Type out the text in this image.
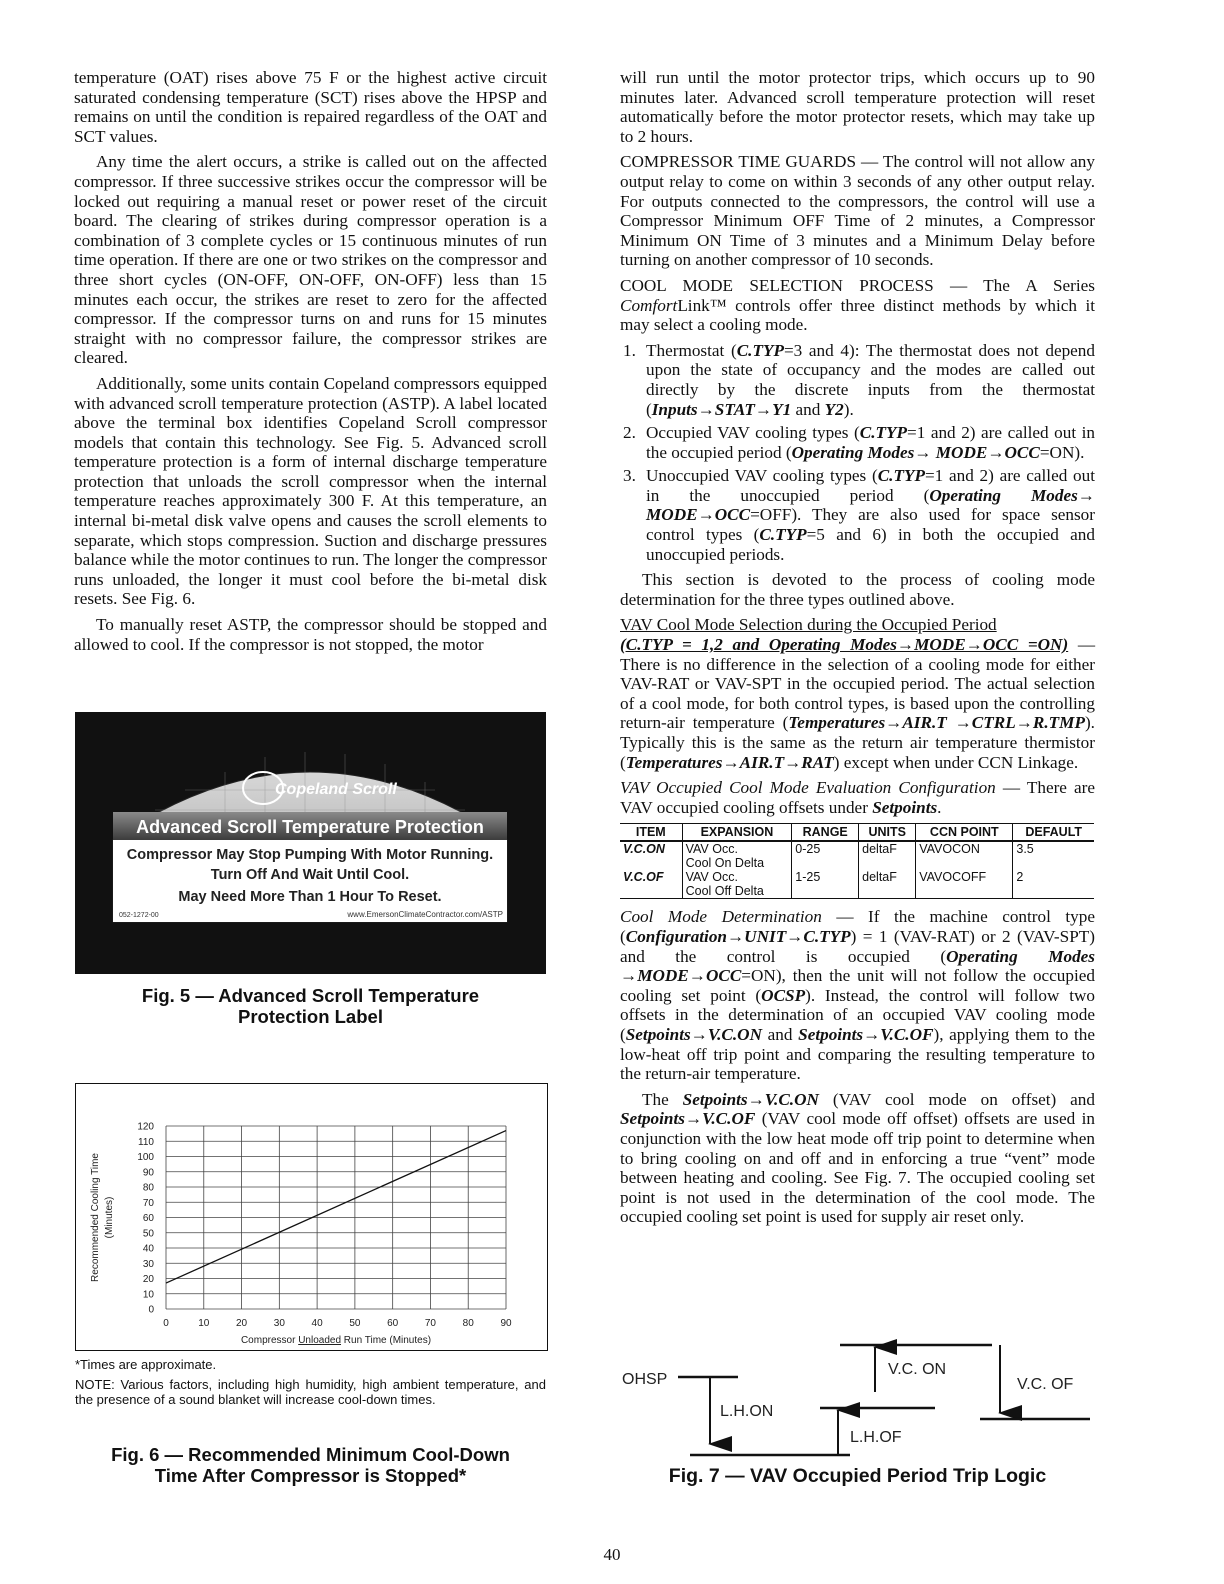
temperature (OAT) rises above 75 F or the highest active circuit saturated condensing temperature (SCT) rises above the HPSP and remains on until the condition is repaired regardless of the OAT and SCT values.

Any time the alert occurs, a strike is called out on the affected compressor. If three successive strikes occur the compressor will be locked out requiring a manual reset or power reset of the circuit board. The clearing of strikes during compressor operation is a combination of 3 complete cycles or 15 continuous minutes of run time operation. If there are one or two strikes on the compressor and three short cycles (ON-OFF, ON-OFF, ON-OFF) less than 15 minutes each occur, the strikes are reset to zero for the affected compressor. If the compressor turns on and runs for 15 minutes straight with no compressor failure, the compressor strikes are cleared.

Additionally, some units contain Copeland compressors equipped with advanced scroll temperature protection (ASTP). A label located above the terminal box identifies Copeland Scroll compressor models that contain this technology. See Fig. 5. Advanced scroll temperature protection is a form of internal discharge temperature protection that unloads the scroll compressor when the internal temperature reaches approximately 300 F. At this temperature, an internal bi-metal disk valve opens and causes the scroll elements to separate, which stops compression. Suction and discharge pressures balance while the motor continues to run. The longer the compressor runs unloaded, the longer it must cool before the bi-metal disk resets. See Fig. 6.

To manually reset ASTP, the compressor should be stopped and allowed to cool. If the compressor is not stopped, the motor

Copeland Scroll
Advanced Scroll Temperature Protection
Compressor May Stop Pumping With Motor Running.
Turn Off And Wait Until Cool.
May Need More Than 1 Hour To Reset.
052-1272-00	www.EmersonClimateContractor.com/ASTP
Fig. 5 — Advanced Scroll Temperature
Protection Label
0
10
20
30
40
50
60
70
80
90
100
110
120
0	10	20	30	40	50	60	70	80	90
Recommended Cooling Time (Minutes)
Compressor Unloaded Run Time (Minutes)
*Times are approximate.
NOTE: Various factors, including high humidity, high ambient temperature, and the presence of a sound blanket will increase cool-down times.
Fig. 6 — Recommended Minimum Cool-Down
Time After Compressor is Stopped*

will run until the motor protector trips, which occurs up to 90 minutes later. Advanced scroll temperature protection will reset automatically before the motor protector resets, which may take up to 2 hours.

COMPRESSOR TIME GUARDS — The control will not allow any output relay to come on within 3 seconds of any other output relay. For outputs connected to the compressors, the control will use a Compressor Minimum OFF Time of 2 minutes, a Compressor Minimum ON Time of 3 minutes and a Minimum Delay before turning on another compressor of 10 seconds.

COOL MODE SELECTION PROCESS — The A Series ComfortLink™ controls offer three distinct methods by which it may select a cooling mode.

1. Thermostat (C.TYP=3 and 4): The thermostat does not depend upon the state of occupancy and the modes are called out directly by the discrete inputs from the thermostat (Inputs→STAT→Y1 and Y2).
2. Occupied VAV cooling types (C.TYP=1 and 2) are called out in the occupied period (Operating Modes→ MODE→OCC=ON).
3. Unoccupied VAV cooling types (C.TYP=1 and 2) are called out in the unoccupied period (Operating Modes→ MODE→OCC=OFF). They are also used for space sensor control types (C.TYP=5 and 6) in both the occupied and unoccupied periods.

This section is devoted to the process of cooling mode determination for the three types outlined above.

VAV Cool Mode Selection during the Occupied Period
(C.TYP = 1,2 and Operating Modes→MODE→OCC =ON) — There is no difference in the selection of a cooling mode for either VAV-RAT or VAV-SPT in the occupied period. The actual selection of a cool mode, for both control types, is based upon the controlling return-air temperature (Temperatures→AIR.T →CTRL→R.TMP). Typically this is the same as the return air temperature thermistor (Temperatures→AIR.T→RAT) except when under CCN Linkage.

VAV Occupied Cool Mode Evaluation Configuration — There are VAV occupied cooling offsets under Setpoints.

ITEM	EXPANSION	RANGE	UNITS	CCN POINT	DEFAULT
V.C.ON	VAV Occ.
Cool On Delta	0-25	deltaF	VAVOCON	3.5
V.C.OF	VAV Occ.
Cool Off Delta	1-25	deltaF	VAVOCOFF	2

Cool Mode Determination — If the machine control type (Configuration→UNIT→C.TYP) = 1 (VAV-RAT) or 2 (VAV-SPT) and the control is occupied (Operating Modes →MODE→OCC=ON), then the unit will not follow the occupied cooling set point (OCSP). Instead, the control will follow two offsets in the determination of an occupied VAV cooling mode (Setpoints→V.C.ON and Setpoints→V.C.OF), applying them to the low-heat off trip point and comparing the resulting temperature to the return-air temperature.

The Setpoints→V.C.ON (VAV cool mode on offset) and Setpoints→V.C.OF (VAV cool mode off offset) offsets are used in conjunction with the low heat mode off trip point to determine when to bring cooling on and off and in enforcing a true “vent” mode between heating and cooling. See Fig. 7. The occupied cooling set point is not used in the determination of the cool mode. The occupied cooling set point is used for supply air reset only.

OHSP
L.H.ON
L.H.OF
V.C. ON
V.C. OF
Fig. 7 — VAV Occupied Period Trip Logic
40
